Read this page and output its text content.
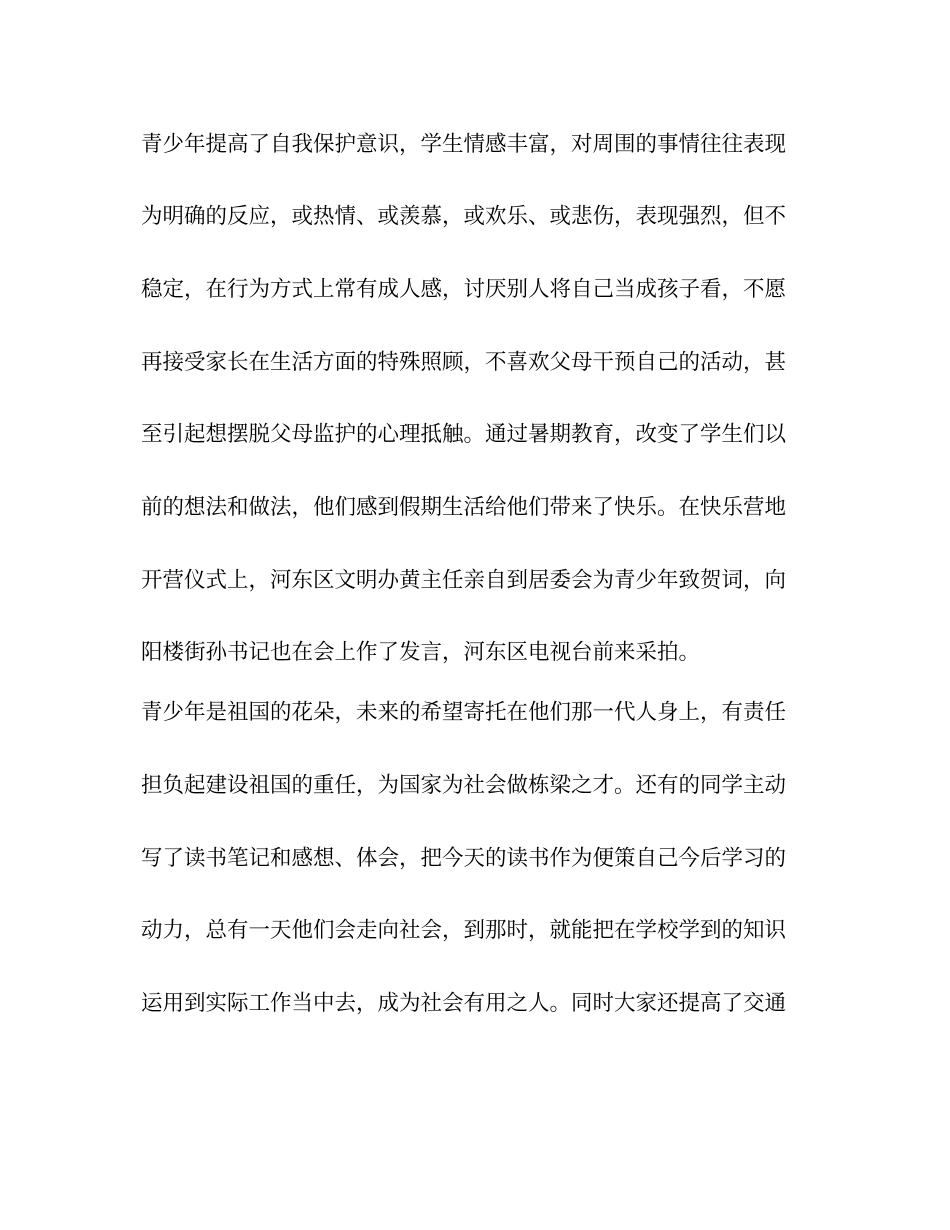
青少年提高了自我保护意识，学生情感丰富，对周围的事情往往表现
为明确的反应，或热情、或羡慕，或欢乐、或悲伤，表现强烈，但不
稳定，在行为方式上常有成人感，讨厌别人将自己当成孩子看，不愿
再接受家长在生活方面的特殊照顾，不喜欢父母干预自己的活动，甚
至引起想摆脱父母监护的心理抵触。通过暑期教育，改变了学生们以
前的想法和做法，他们感到假期生活给他们带来了快乐。在快乐营地
开营仪式上，河东区文明办黄主任亲自到居委会为青少年致贺词，向
阳楼街孙书记也在会上作了发言，河东区电视台前来采拍。
青少年是祖国的花朵，未来的希望寄托在他们那一代人身上，有责任
担负起建设祖国的重任，为国家为社会做栋梁之才。还有的同学主动
写了读书笔记和感想、体会，把今天的读书作为便策自己今后学习的
动力，总有一天他们会走向社会，到那时，就能把在学校学到的知识
运用到实际工作当中去，成为社会有用之人。同时大家还提高了交通
